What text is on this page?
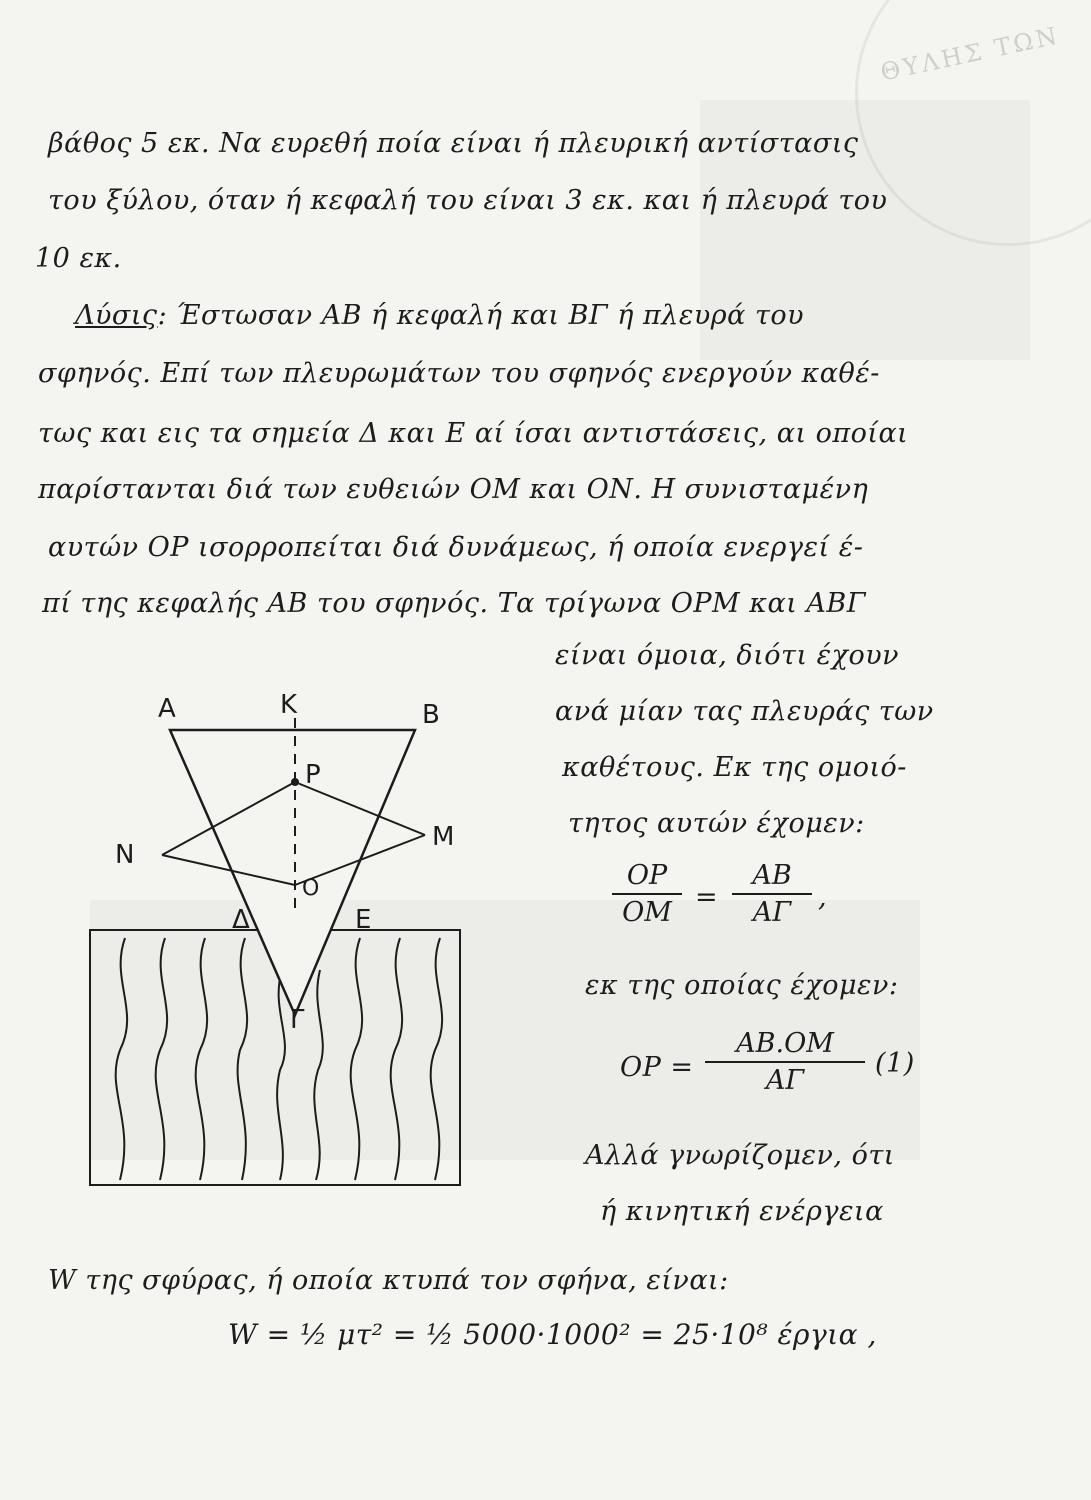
ΘΥΛΗΣ ΤΩΝ
βάθος 5 εκ. Να ευρεθή ποία είναι ή πλευρική αντίστασις
του ξύλου, όταν ή κεφαλή του είναι 3 εκ. και ή πλευρά του
10 εκ.
Λύσις: Έστωσαν ΑΒ ή κεφαλή και ΒΓ ή πλευρά του
σφηνός. Επί των πλευρωμάτων του σφηνός ενεργούν καθέ-
τως και εις τα σημεία Δ και Ε αί ίσαι αντιστάσεις, αι οποίαι
παρίστανται διά των ευθειών ΟΜ και ΟΝ. Η συνισταμένη
αυτών ΟΡ ισορροπείται διά δυνάμεως, ή οποία ενεργεί έ-
πί της κεφαλής ΑΒ του σφηνός. Τα τρίγωνα ΟΡΜ και ΑΒΓ
είναι όμοια, διότι έχουν
ανά μίαν τας πλευράς των
καθέτους. Εκ της ομοιό-
τητος αυτών έχομεν:
ΟΡ
ΟΜ =
ΑΒ
ΑΓ ,
εκ της οποίας έχομεν:
ΟΡ =
ΑΒ.ΟΜ
ΑΓ
(1)
Αλλά γνωρίζομεν, ότι
ή κινητική ενέργεια
W της σφύρας, ή οποία κτυπά τον σφήνα, είναι:
W = ½ μτ² = ½ 5000·1000² = 25·10⁸ έργια ,
Α	Κ	Β
Ρ
Ν
Μ
Ο
Δ	Ε
Γ
